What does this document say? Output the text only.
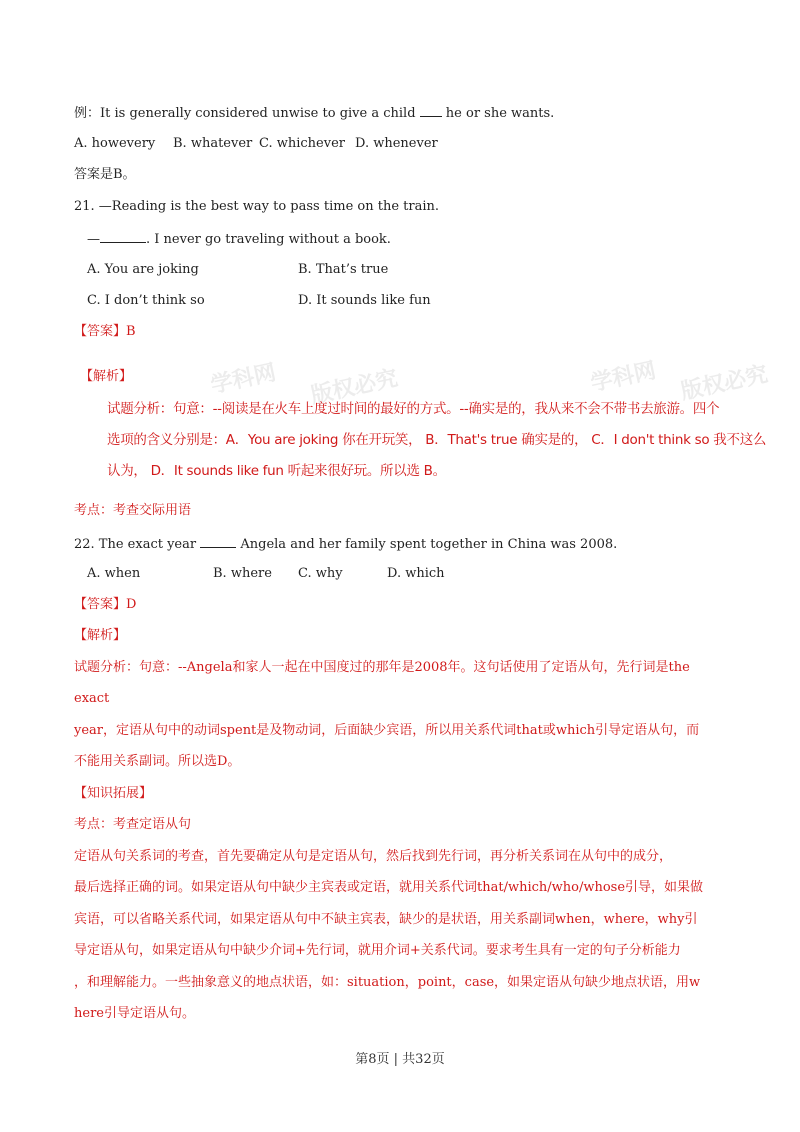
学科网 版权必究	学科网 版权必究
例：It is generally considered unwise to give a child he or she wants.
A. howevery B. whatever C. whichever D. whenever
答案是B。
21. —Reading is the best way to pass time on the train.
—	. I never go traveling without a book.
A. You are joking	B. That’s true
C. I don’t think so	D. It sounds like fun
【答案】B
【解析】
试题分析：句意：--阅读是在火车上度过时间的最好的方式。--确实是的，我从来不会不带书去旅游。四个
选项的含义分别是：A．You are joking 你在开玩笑， B．That's true 确实是的， C．I don't think so 我不这么
认为， D．It sounds like fun 听起来很好玩。所以选 B。
考点：考查交际用语
22. The exact year	Angela and her family spent together in China was 2008.
A. when	B. where C. why	D. which
【答案】D
【解析】
试题分析：句意：--Angela和家人一起在中国度过的那年是2008年。这句话使用了定语从句，先行词是the
exact
year，定语从句中的动词spent是及物动词，后面缺少宾语，所以用关系代词that或which引导定语从句，而
不能用关系副词。所以选D。
【知识拓展】
考点：考查定语从句
定语从句关系词的考查，首先要确定从句是定语从句，然后找到先行词，再分析关系词在从句中的成分，
最后选择正确的词。如果定语从句中缺少主宾表或定语，就用关系代词that/which/who/whose引导，如果做
宾语，可以省略关系代词，如果定语从句中不缺主宾表，缺少的是状语，用关系副词when，where，why引
导定语从句，如果定语从句中缺少介词+先行词，就用介词+关系代词。要求考生具有一定的句子分析能力
，和理解能力。一些抽象意义的地点状语，如：situation，point，case，如果定语从句缺少地点状语，用w
here引导定语从句。
第8页 | 共32页
